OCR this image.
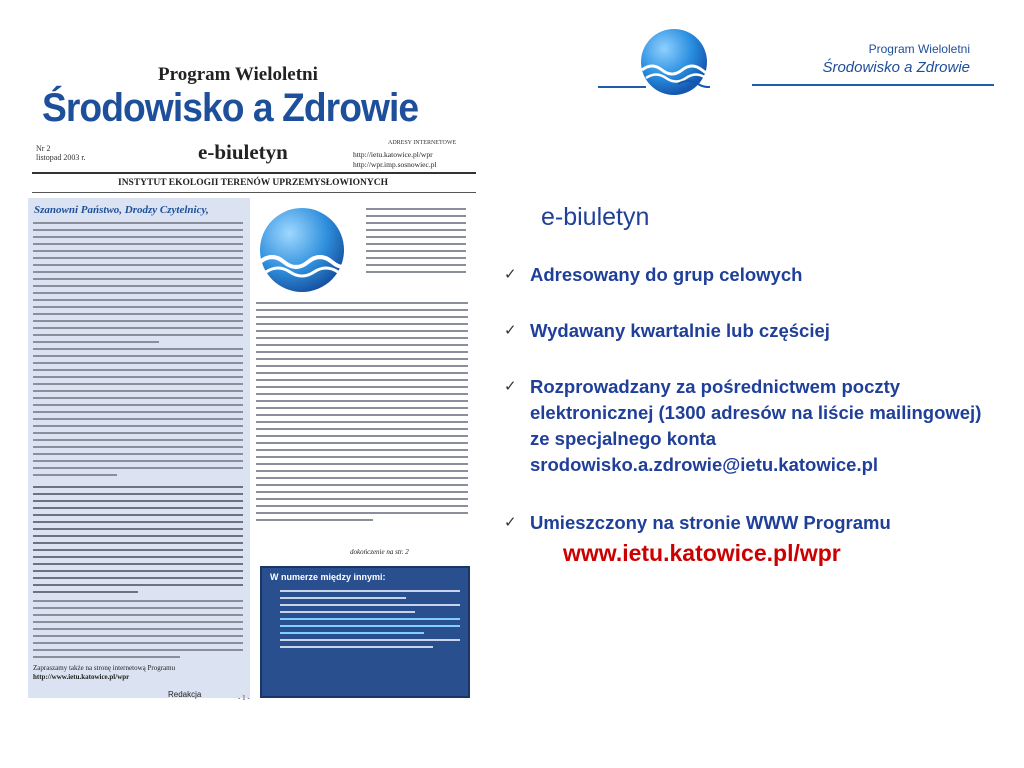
Program Wieloletni
Środowisko a Zdrowie
Program Wieloletni
Środowisko a Zdrowie
e-biuletyn
Nr 2
listopad 2003 r.
ADRESY INTERNETOWE
http://ietu.katowice.pl/wpr
http://wpr.imp.sosnowiec.pl
INSTYTUT EKOLOGII TERENÓW UPRZEMYSŁOWIONYCH
Szanowni Państwo, Drodzy Czytelnicy,
Zapraszamy także na stronę internetową Programu
http://www.ietu.katowice.pl/wpr
Redakcja
dokończenie na str. 2
W numerze między innymi:
- 1 -
e-biuletyn
✓ Adresowany do grup celowych
✓ Wydawany kwartalnie lub częściej
✓ Rozprowadzany za pośrednictwem poczty elektronicznej (1300 adresów na liście mailingowej) ze specjalnego konta srodowisko.a.zdrowie@ietu.katowice.pl
✓ Umieszczony na stronie WWW Programu
www.ietu.katowice.pl/wpr
